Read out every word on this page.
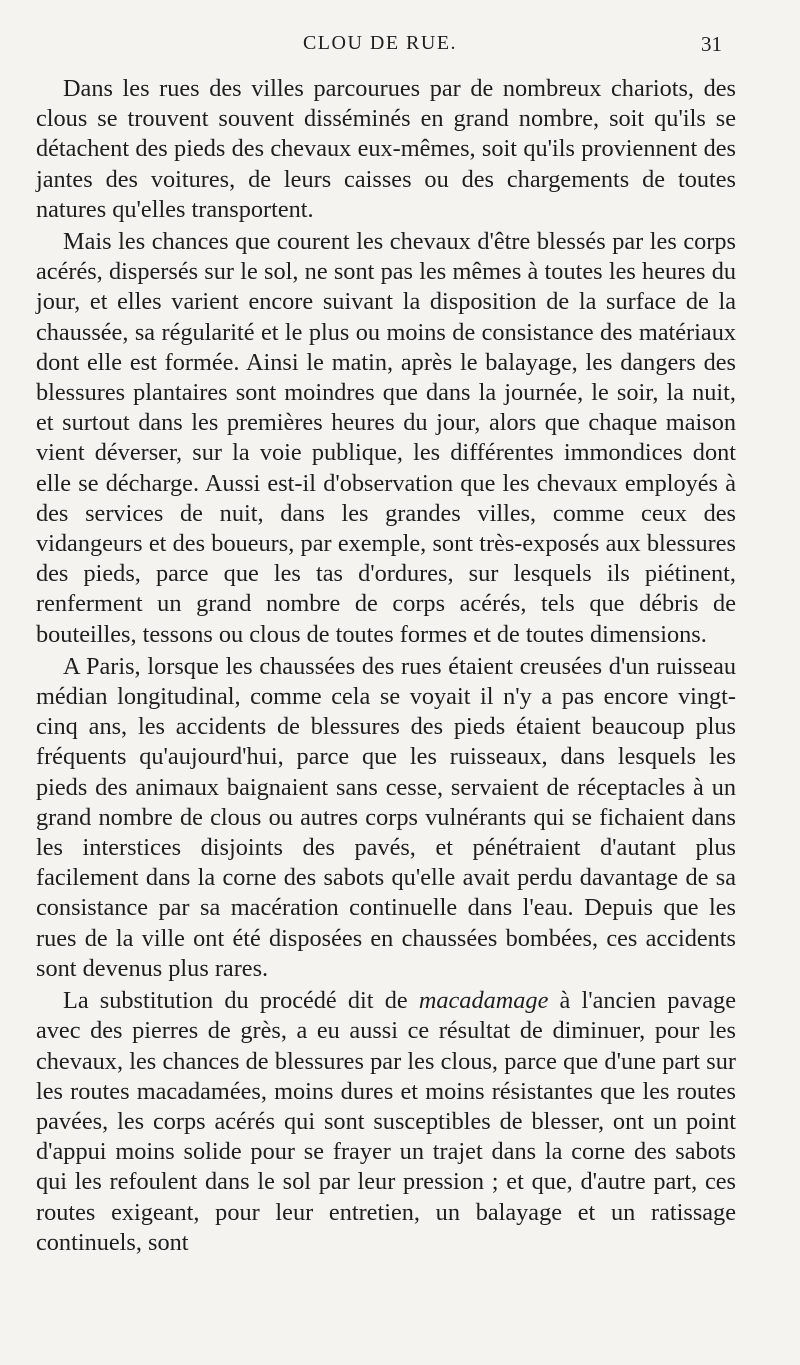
CLOU DE RUE.	31

Dans les rues des villes parcourues par de nombreux chariots, des clous se trouvent souvent disséminés en grand nombre, soit qu'ils se détachent des pieds des chevaux eux-mêmes, soit qu'ils proviennent des jantes des voitures, de leurs caisses ou des chargements de toutes natures qu'elles transportent.

Mais les chances que courent les chevaux d'être blessés par les corps acérés, dispersés sur le sol, ne sont pas les mêmes à toutes les heures du jour, et elles varient encore suivant la disposition de la surface de la chaussée, sa régularité et le plus ou moins de consistance des matériaux dont elle est formée. Ainsi le matin, après le balayage, les dangers des blessures plantaires sont moindres que dans la journée, le soir, la nuit, et surtout dans les premières heures du jour, alors que chaque maison vient déverser, sur la voie publique, les différentes immondices dont elle se décharge. Aussi est-il d'observation que les chevaux employés à des services de nuit, dans les grandes villes, comme ceux des vidangeurs et des boueurs, par exemple, sont très-exposés aux blessures des pieds, parce que les tas d'ordures, sur lesquels ils piétinent, renferment un grand nombre de corps acérés, tels que débris de bouteilles, tessons ou clous de toutes formes et de toutes dimensions.

A Paris, lorsque les chaussées des rues étaient creusées d'un ruisseau médian longitudinal, comme cela se voyait il n'y a pas encore vingt-cinq ans, les accidents de blessures des pieds étaient beaucoup plus fréquents qu'aujourd'hui, parce que les ruisseaux, dans lesquels les pieds des animaux baignaient sans cesse, servaient de réceptacles à un grand nombre de clous ou autres corps vulnérants qui se fichaient dans les interstices disjoints des pavés, et pénétraient d'autant plus facilement dans la corne des sabots qu'elle avait perdu davantage de sa consistance par sa macération continuelle dans l'eau. Depuis que les rues de la ville ont été disposées en chaussées bombées, ces accidents sont devenus plus rares.

La substitution du procédé dit de macadamage à l'ancien pavage avec des pierres de grès, a eu aussi ce résultat de diminuer, pour les chevaux, les chances de blessures par les clous, parce que d'une part sur les routes macadamées, moins dures et moins résistantes que les routes pavées, les corps acérés qui sont susceptibles de blesser, ont un point d'appui moins solide pour se frayer un trajet dans la corne des sabots qui les refoulent dans le sol par leur pression ; et que, d'autre part, ces routes exigeant, pour leur entretien, un balayage et un ratissage continuels, sont
